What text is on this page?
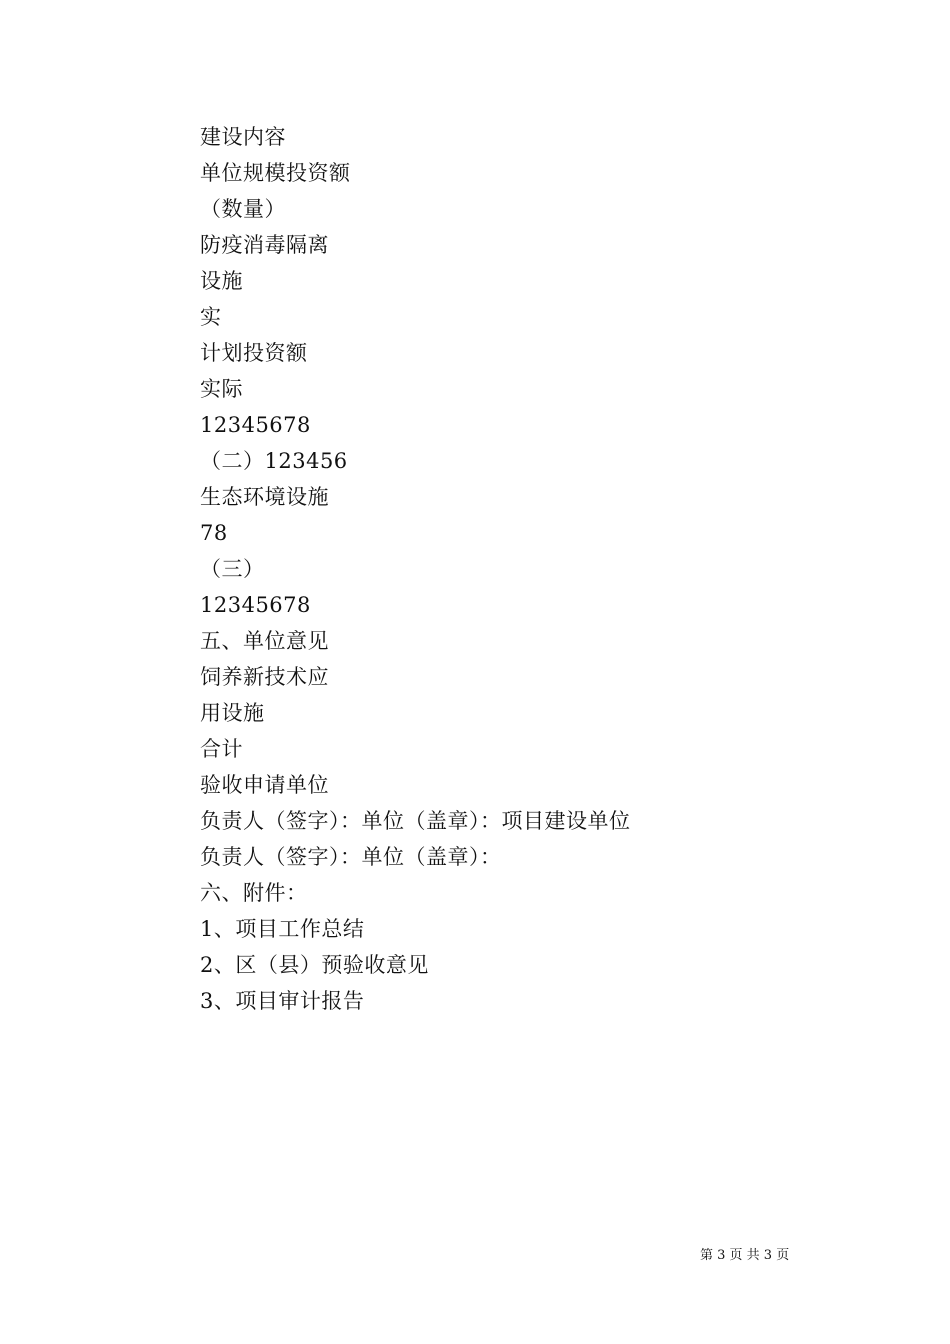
建设内容
单位规模投资额
（数量）
防疫消毒隔离
设施
实
计划投资额
实际
12345678
（二）123456
生态环境设施
78
（三）
12345678
五、单位意见
饲养新技术应
用设施
合计
验收申请单位
负责人（签字）：单位（盖章）：项目建设单位
负责人（签字）：单位（盖章）：
六、附件：
1、项目工作总结
2、区（县）预验收意见
3、项目审计报告
第 3 页 共 3 页
